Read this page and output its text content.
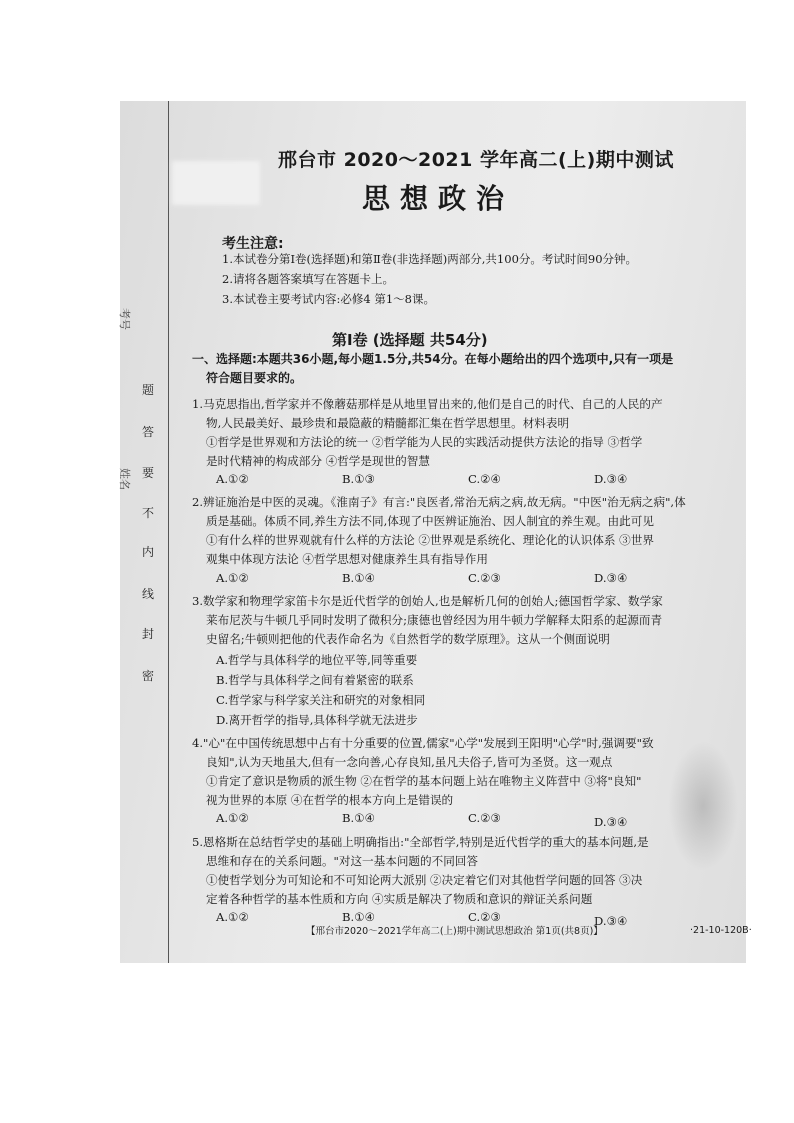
题
答
要
不
内
线
封
密
考号
姓名
邢台市 2020～2021 学年高二(上)期中测试
思想政治
考生注意:
1.本试卷分第Ⅰ卷(选择题)和第Ⅱ卷(非选择题)两部分,共100分。考试时间90分钟。
2.请将各题答案填写在答题卡上。
3.本试卷主要考试内容:必修4 第1～8课。
第Ⅰ卷 (选择题 共54分)
一、选择题:本题共36小题,每小题1.5分,共54分。在每小题给出的四个选项中,只有一项是
符合题目要求的。
1.马克思指出,哲学家并不像蘑菇那样是从地里冒出来的,他们是自己的时代、自己的人民的产
物,人民最美好、最珍贵和最隐蔽的精髓都汇集在哲学思想里。材料表明
①哲学是世界观和方法论的统一 ②哲学能为人民的实践活动提供方法论的指导 ③哲学
是时代精神的构成部分 ④哲学是现世的智慧
A.①②	B.①③	C.②④	D.③④
2.辨证施治是中医的灵魂。《淮南子》有言:"良医者,常治无病之病,故无病。"中医"治无病之病",体
质是基础。体质不同,养生方法不同,体现了中医辨证施治、因人制宜的养生观。由此可见
①有什么样的世界观就有什么样的方法论 ②世界观是系统化、理论化的认识体系 ③世界
观集中体现方法论 ④哲学思想对健康养生具有指导作用
A.①②	B.①④	C.②③	D.③④
3.数学家和物理学家笛卡尔是近代哲学的创始人,也是解析几何的创始人;德国哲学家、数学家
莱布尼茨与牛顿几乎同时发明了微积分;康德也曾经因为用牛顿力学解释太阳系的起源而青
史留名;牛顿则把他的代表作命名为《自然哲学的数学原理》。这从一个侧面说明
A.哲学与具体科学的地位平等,同等重要
B.哲学与具体科学之间有着紧密的联系
C.哲学家与科学家关注和研究的对象相同
D.离开哲学的指导,具体科学就无法进步
4."心"在中国传统思想中占有十分重要的位置,儒家"心学"发展到王阳明"心学"时,强调要"致
良知",认为天地虽大,但有一念向善,心存良知,虽凡夫俗子,皆可为圣贤。这一观点
①肯定了意识是物质的派生物 ②在哲学的基本问题上站在唯物主义阵营中 ③将"良知"
视为世界的本原 ④在哲学的根本方向上是错误的
A.①②	B.①④	C.②③	D.③④
5.恩格斯在总结哲学史的基础上明确指出:"全部哲学,特别是近代哲学的重大的基本问题,是
思维和存在的关系问题。"对这一基本问题的不同回答
①使哲学划分为可知论和不可知论两大派别 ②决定着它们对其他哲学问题的回答 ③决
定着各种哲学的基本性质和方向 ④实质是解决了物质和意识的辩证关系问题
A.①②	B.①④	C.②③	D.③④
【邢台市2020～2021学年高二(上)期中测试思想政治 第1页(共8页)】	·21-10-120B·
